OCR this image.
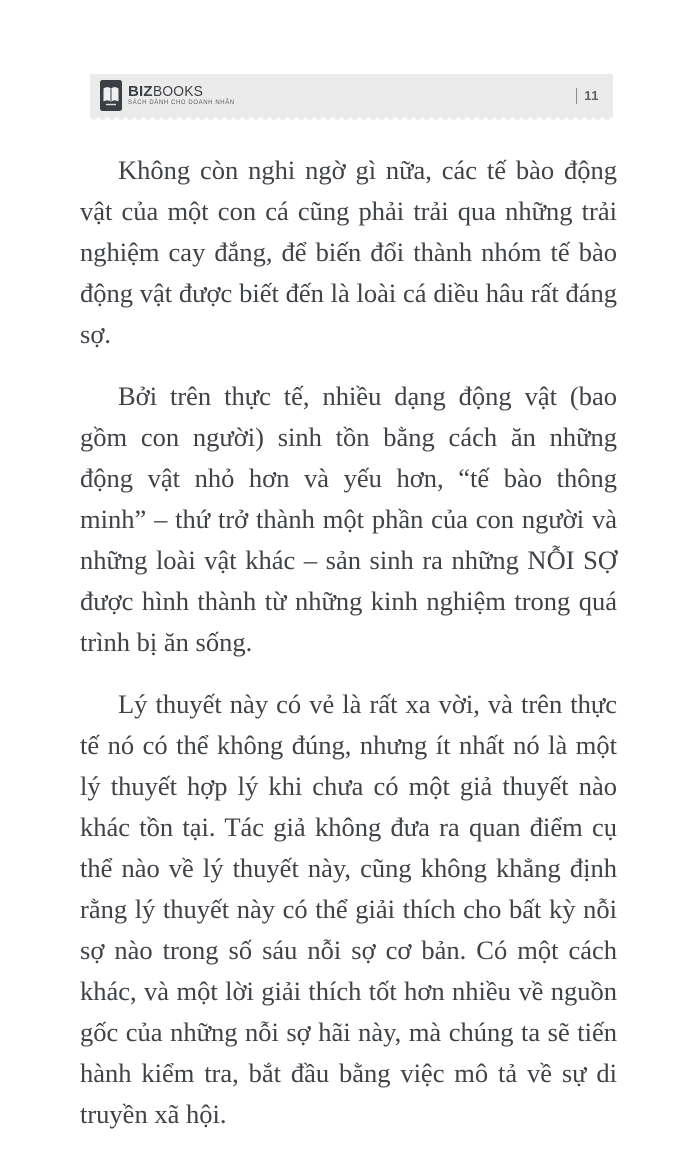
BIZBOOKS
SÁCH DÀNH CHO DOANH NHÂN	11

Không còn nghi ngờ gì nữa, các tế bào động vật của một con cá cũng phải trải qua những trải nghiệm cay đắng, để biến đổi thành nhóm tế bào động vật được biết đến là loài cá diều hâu rất đáng sợ.

Bởi trên thực tế, nhiều dạng động vật (bao gồm con người) sinh tồn bằng cách ăn những động vật nhỏ hơn và yếu hơn, “tế bào thông minh” – thứ trở thành một phần của con người và những loài vật khác – sản sinh ra những NỖI SỢ được hình thành từ những kinh nghiệm trong quá trình bị ăn sống.

Lý thuyết này có vẻ là rất xa vời, và trên thực tế nó có thể không đúng, nhưng ít nhất nó là một lý thuyết hợp lý khi chưa có một giả thuyết nào khác tồn tại. Tác giả không đưa ra quan điểm cụ thể nào về lý thuyết này, cũng không khẳng định rằng lý thuyết này có thể giải thích cho bất kỳ nỗi sợ nào trong số sáu nỗi sợ cơ bản. Có một cách khác, và một lời giải thích tốt hơn nhiều về nguồn gốc của những nỗi sợ hãi này, mà chúng ta sẽ tiến hành kiểm tra, bắt đầu bằng việc mô tả về sự di truyền xã hội.
